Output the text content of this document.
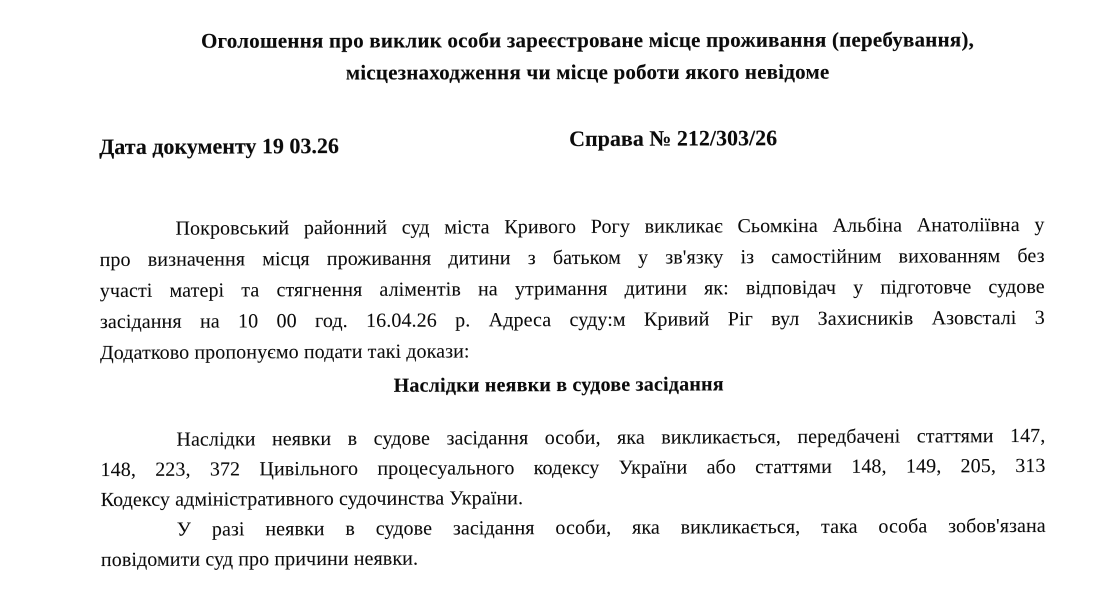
Оголошення про виклик особи зареєстроване місце проживання (перебування),
місцезнаходження чи місце роботи якого невідоме
Дата документу 19 03.26	Справа № 212/303/26
Покровський районний суд міста Кривого Рогу викликає Сьомкіна Альбіна Анатоліївна у
про визначення місця проживання дитини з батьком у зв'язку із самостійним вихованням без
участі матері та стягнення аліментів на утримання дитини як: відповідач у підготовче судове
засідання на 10 00 год. 16.04.26 р. Адреса суду:м Кривий Ріг вул Захисників Азовсталі 3
Додатково пропонуємо подати такі докази:
Наслідки неявки в судове засідання
Наслідки неявки в судове засідання особи, яка викликається, передбачені статтями 147,
148, 223, 372 Цивільного процесуального кодексу України або статтями 148, 149, 205, 313
Кодексу адміністративного судочинства України.
У разі неявки в судове засідання особи, яка викликається, така особа зобов'язана
повідомити суд про причини неявки.
